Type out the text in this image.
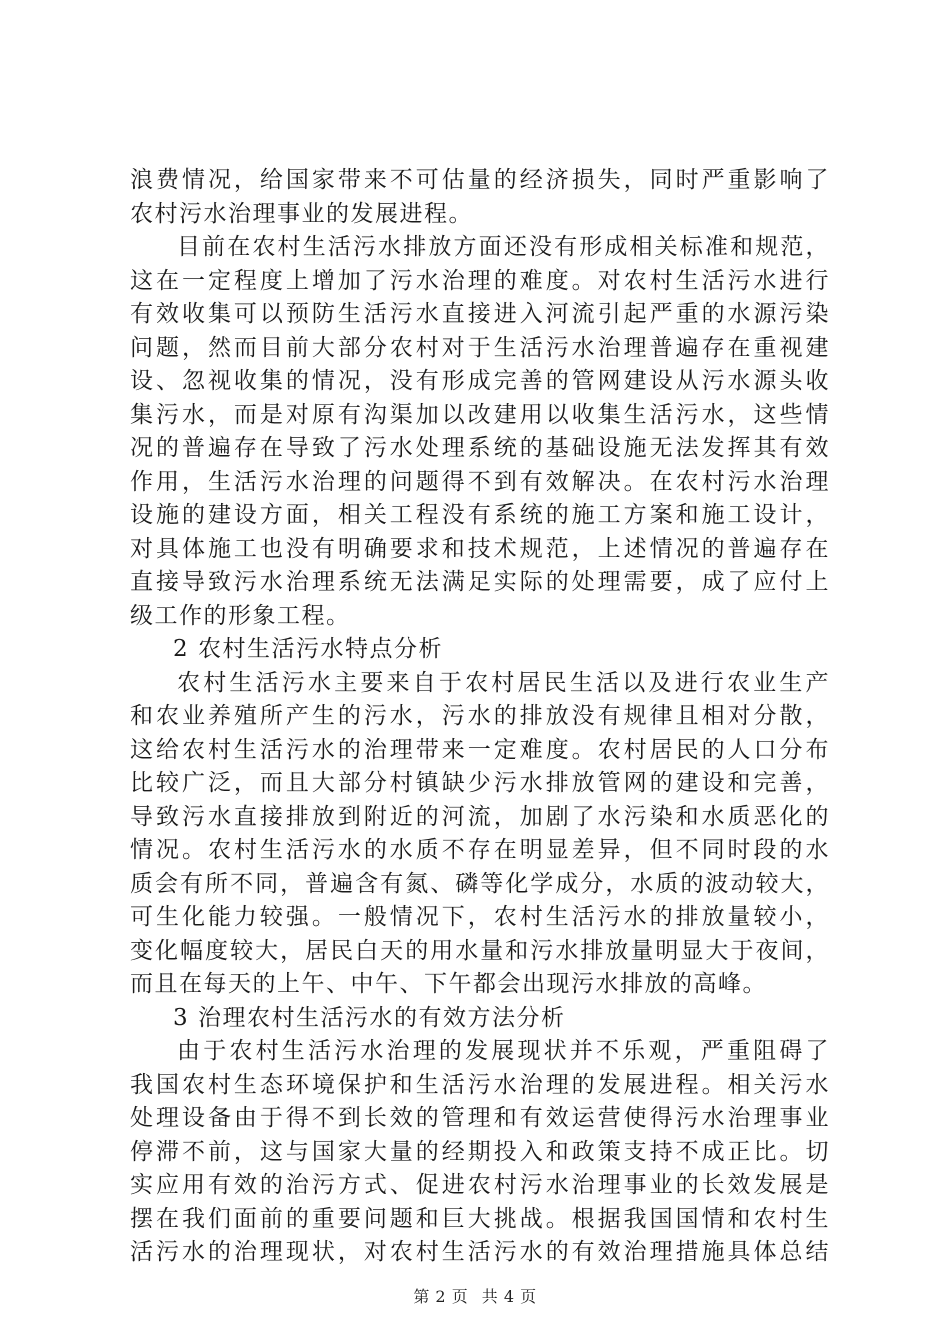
浪费情况，给国家带来不可估量的经济损失，同时严重影响了
农村污水治理事业的发展进程。
目前在农村生活污水排放方面还没有形成相关标准和规范，
这在一定程度上增加了污水治理的难度。对农村生活污水进行
有效收集可以预防生活污水直接进入河流引起严重的水源污染
问题，然而目前大部分农村对于生活污水治理普遍存在重视建
设、忽视收集的情况，没有形成完善的管网建设从污水源头收
集污水，而是对原有沟渠加以改建用以收集生活污水，这些情
况的普遍存在导致了污水处理系统的基础设施无法发挥其有效
作用，生活污水治理的问题得不到有效解决。在农村污水治理
设施的建设方面，相关工程没有系统的施工方案和施工设计，
对具体施工也没有明确要求和技术规范，上述情况的普遍存在
直接导致污水治理系统无法满足实际的处理需要，成了应付上
级工作的形象工程。
2 农村生活污水特点分析
农村生活污水主要来自于农村居民生活以及进行农业生产
和农业养殖所产生的污水，污水的排放没有规律且相对分散，
这给农村生活污水的治理带来一定难度。农村居民的人口分布
比较广泛，而且大部分村镇缺少污水排放管网的建设和完善，
导致污水直接排放到附近的河流，加剧了水污染和水质恶化的
情况。农村生活污水的水质不存在明显差异，但不同时段的水
质会有所不同，普遍含有氮、磷等化学成分，水质的波动较大，
可生化能力较强。一般情况下，农村生活污水的排放量较小，
变化幅度较大，居民白天的用水量和污水排放量明显大于夜间，
而且在每天的上午、中午、下午都会出现污水排放的高峰。
3 治理农村生活污水的有效方法分析
由于农村生活污水治理的发展现状并不乐观，严重阻碍了
我国农村生态环境保护和生活污水治理的发展进程。相关污水
处理设备由于得不到长效的管理和有效运营使得污水治理事业
停滞不前，这与国家大量的经期投入和政策支持不成正比。切
实应用有效的治污方式、促进农村污水治理事业的长效发展是
摆在我们面前的重要问题和巨大挑战。根据我国国情和农村生
活污水的治理现状，对农村生活污水的有效治理措施具体总结
第 2 页 共 4 页
